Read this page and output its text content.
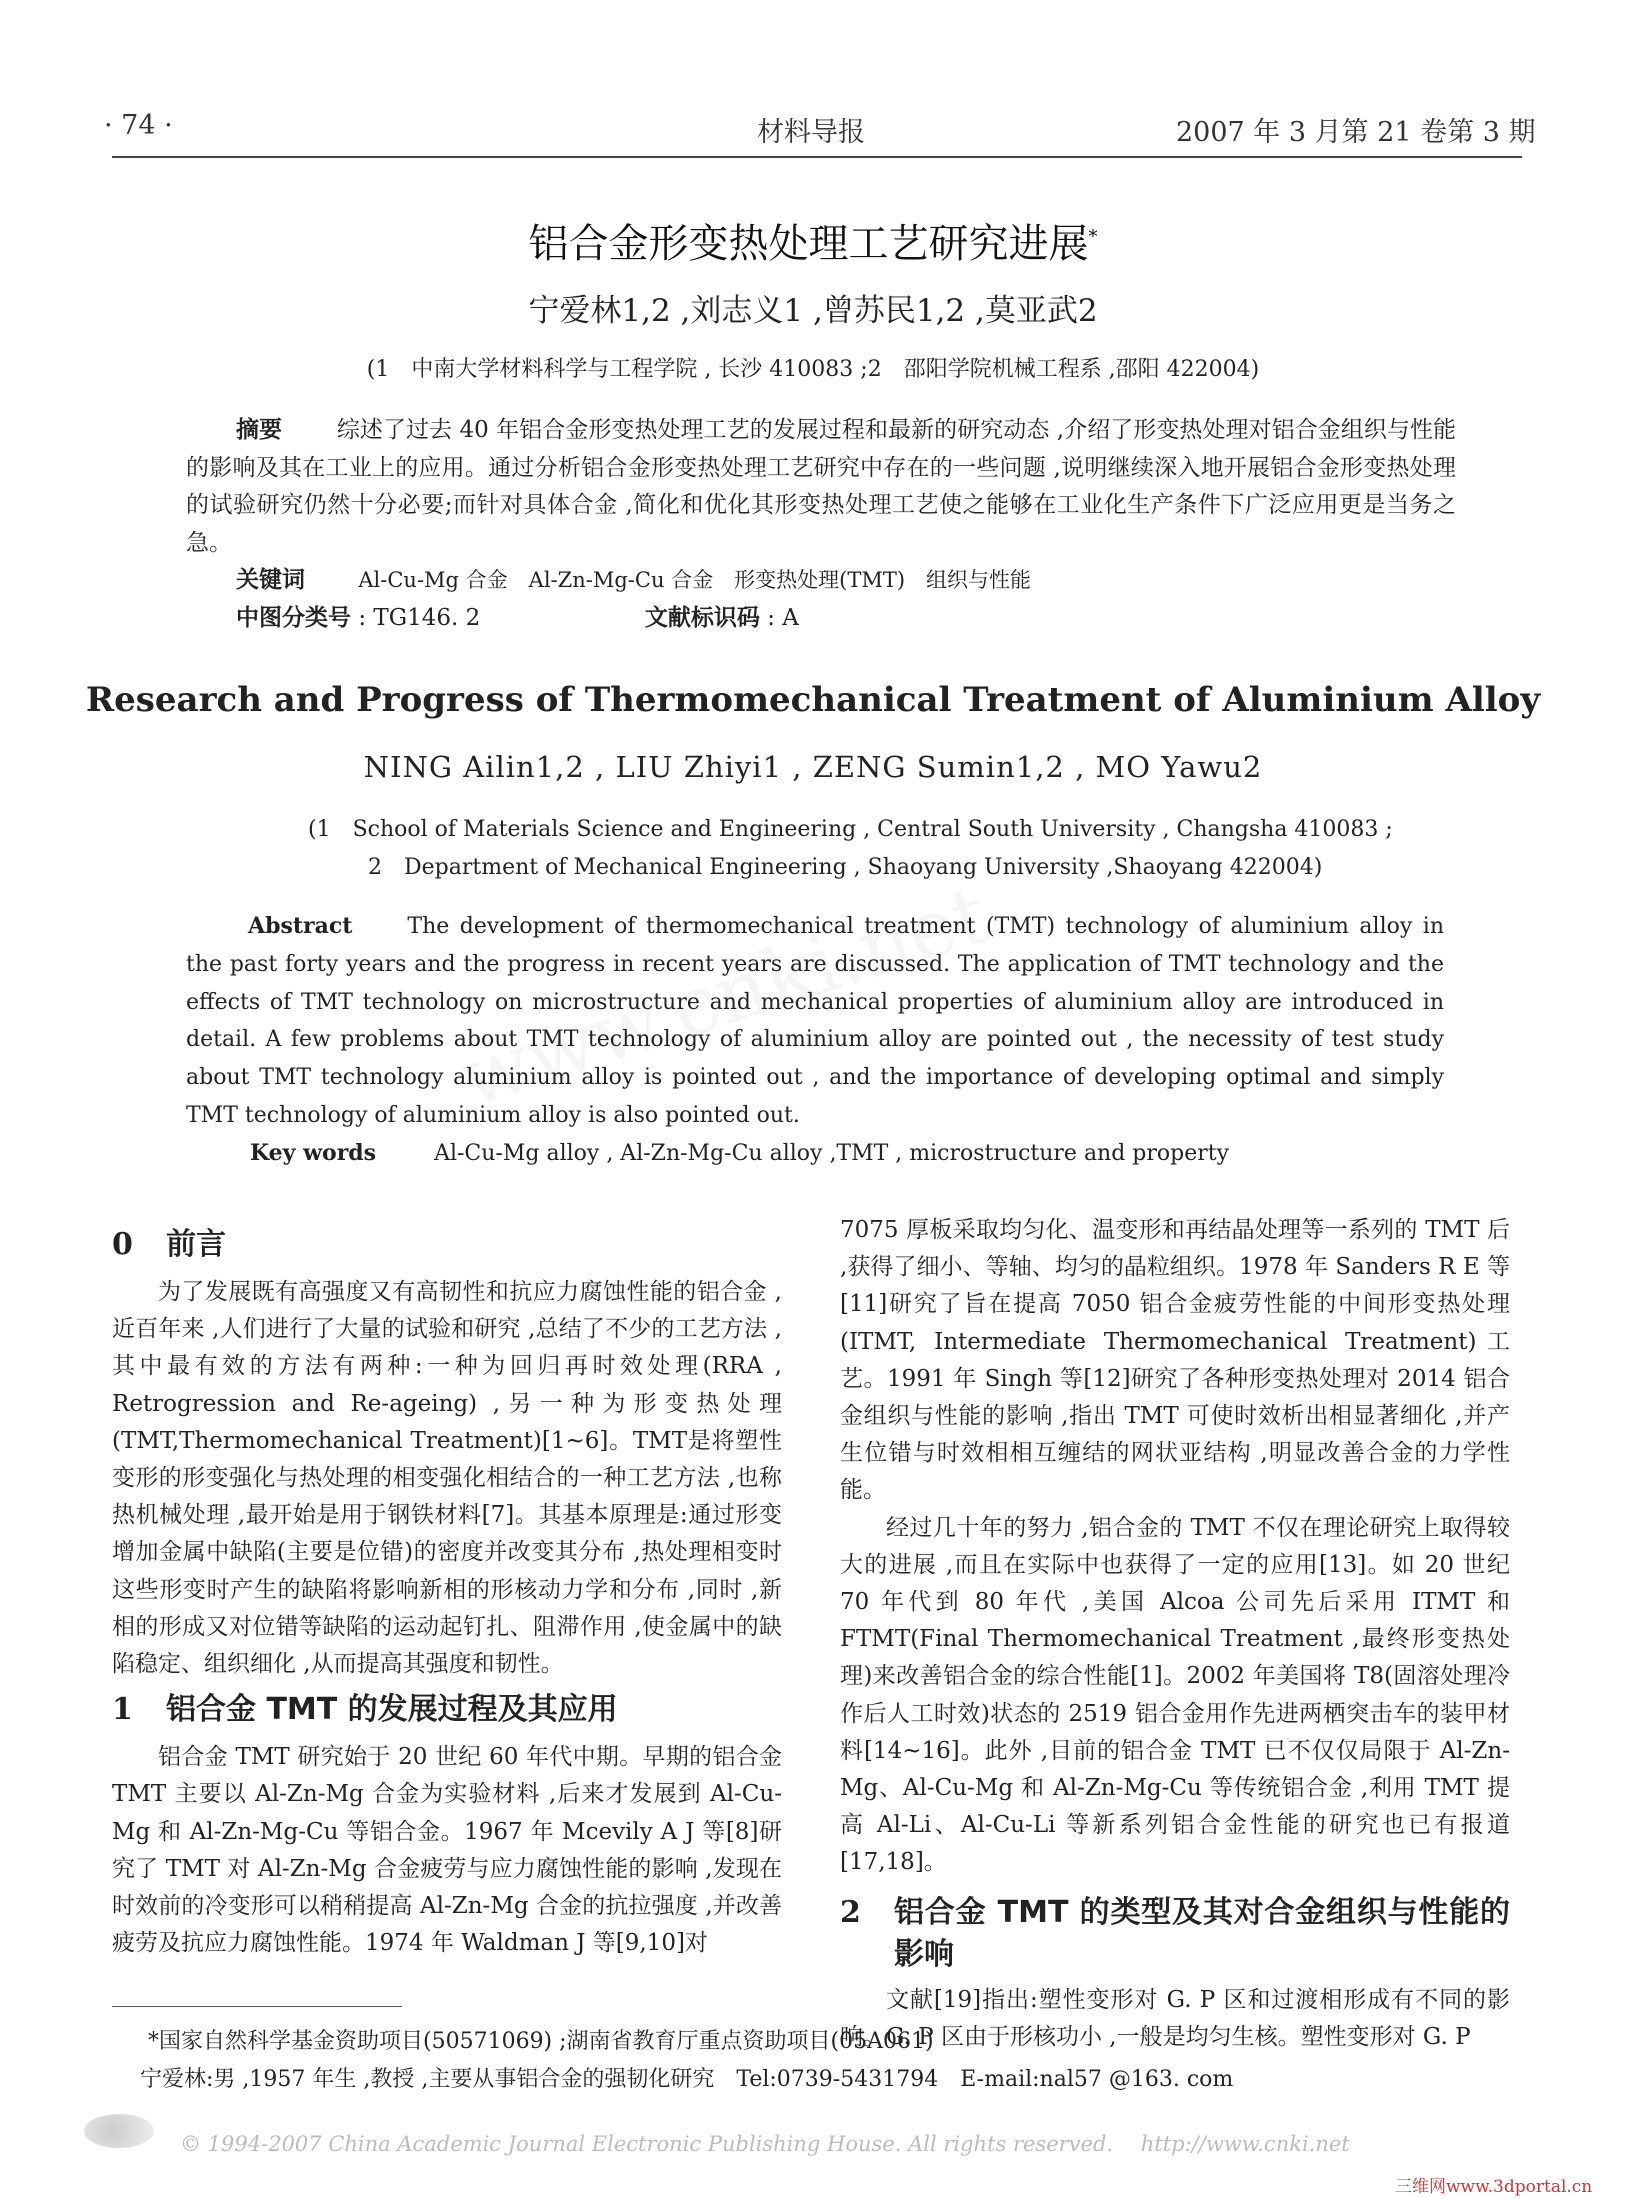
· 74 ·	材料导报	2007 年 3 月第 21 卷第 3 期
铝合金形变热处理工艺研究进展*
宁爱林1,2 ,刘志义1 ,曾苏民1,2 ,莫亚武2
(1　中南大学材料科学与工程学院 , 长沙 410083 ;2　邵阳学院机械工程系 ,邵阳 422004)
摘要 综述了过去 40 年铝合金形变热处理工艺的发展过程和最新的研究动态 ,介绍了形变热处理对铝合金组织与性能的影响及其在工业上的应用。通过分析铝合金形变热处理工艺研究中存在的一些问题 ,说明继续深入地开展铝合金形变热处理的试验研究仍然十分必要;而针对具体合金 ,简化和优化其形变热处理工艺使之能够在工业化生产条件下广泛应用更是当务之急。
关键词	Al-Cu-Mg 合金　Al-Zn-Mg-Cu 合金　形变热处理(TMT)　组织与性能
中图分类号 : TG146. 2	文献标识码 : A
Research and Progress of Thermomechanical Treatment of Aluminium Alloy
NING Ailin1,2 , LIU Zhiyi1 , ZENG Sumin1,2 , MO Yawu2
(1　School of Materials Science and Engineering , Central South University , Changsha 410083 ;
2　Department of Mechanical Engineering , Shaoyang University ,Shaoyang 422004)
Abstract	The development of thermomechanical treatment (TMT) technology of aluminium alloy in the past forty years and the progress in recent years are discussed. The application of TMT technology and the effects of TMT technology on microstructure and mechanical properties of aluminium alloy are introduced in detail. A few problems about TMT technology of aluminium alloy are pointed out , the necessity of test study about TMT technology aluminium alloy is pointed out , and the importance of developing optimal and simply TMT technology of aluminium alloy is also pointed out.
Key words	Al-Cu-Mg alloy , Al-Zn-Mg-Cu alloy ,TMT , microstructure and property
0 前言

为了发展既有高强度又有高韧性和抗应力腐蚀性能的铝合金 ,近百年来 ,人们进行了大量的试验和研究 ,总结了不少的工艺方法 ,其中最有效的方法有两种:一种为回归再时效处理(RRA , Retrogression and Re-ageing) ,另一种为形变热处理(TMT,Thermomechanical Treatment)[1~6]。TMT是将塑性变形的形变强化与热处理的相变强化相结合的一种工艺方法 ,也称热机械处理 ,最开始是用于钢铁材料[7]。其基本原理是:通过形变增加金属中缺陷(主要是位错)的密度并改变其分布 ,热处理相变时这些形变时产生的缺陷将影响新相的形核动力学和分布 ,同时 ,新相的形成又对位错等缺陷的运动起钉扎、阻滞作用 ,使金属中的缺陷稳定、组织细化 ,从而提高其强度和韧性。

1 铝合金 TMT 的发展过程及其应用

铝合金 TMT 研究始于 20 世纪 60 年代中期。早期的铝合金 TMT 主要以 Al-Zn-Mg 合金为实验材料 ,后来才发展到 Al-Cu-Mg 和 Al-Zn-Mg-Cu 等铝合金。1967 年 Mcevily A J 等[8]研究了 TMT 对 Al-Zn-Mg 合金疲劳与应力腐蚀性能的影响 ,发现在时效前的冷变形可以稍稍提高 Al-Zn-Mg 合金的抗拉强度 ,并改善疲劳及抗应力腐蚀性能。1974 年 Waldman J 等[9,10]对

7075 厚板采取均匀化、温变形和再结晶处理等一系列的 TMT 后 ,获得了细小、等轴、均匀的晶粒组织。1978 年 Sanders R E 等[11]研究了旨在提高 7050 铝合金疲劳性能的中间形变热处理(ITMT, Intermediate Thermomechanical Treatment)工艺。1991 年 Singh 等[12]研究了各种形变热处理对 2014 铝合金组织与性能的影响 ,指出 TMT 可使时效析出相显著细化 ,并产生位错与时效相相互缠结的网状亚结构 ,明显改善合金的力学性能。

经过几十年的努力 ,铝合金的 TMT 不仅在理论研究上取得较大的进展 ,而且在实际中也获得了一定的应用[13]。如 20 世纪 70 年代到 80 年代 ,美国 Alcoa 公司先后采用 ITMT 和 FTMT(Final Thermomechanical Treatment ,最终形变热处理)来改善铝合金的综合性能[1]。2002 年美国将 T8(固溶处理冷作后人工时效)状态的 2519 铝合金用作先进两栖突击车的装甲材料[14~16]。此外 ,目前的铝合金 TMT 已不仅仅局限于 Al-Zn-Mg、Al-Cu-Mg 和 Al-Zn-Mg-Cu 等传统铝合金 ,利用 TMT 提高 Al-Li、Al-Cu-Li 等新系列铝合金性能的研究也已有报道[17,18]。

2	铝合金 TMT 的类型及其对合金组织与性能的影响

文献[19]指出:塑性变形对 G. P 区和过渡相形成有不同的影响。G. P 区由于形核功小 ,一般是均匀生核。塑性变形对 G. P

*国家自然科学基金资助项目(50571069) ;湖南省教育厅重点资助项目(05A061)
宁爱林:男 ,1957 年生 ,教授 ,主要从事铝合金的强韧化研究　Tel:0739-5431794　E-mail:nal57 @163. com
© 1994-2007 China Academic Journal Electronic Publishing House. All rights reserved.　 http://www.cnki.net
三维网www.3dportal.cn
